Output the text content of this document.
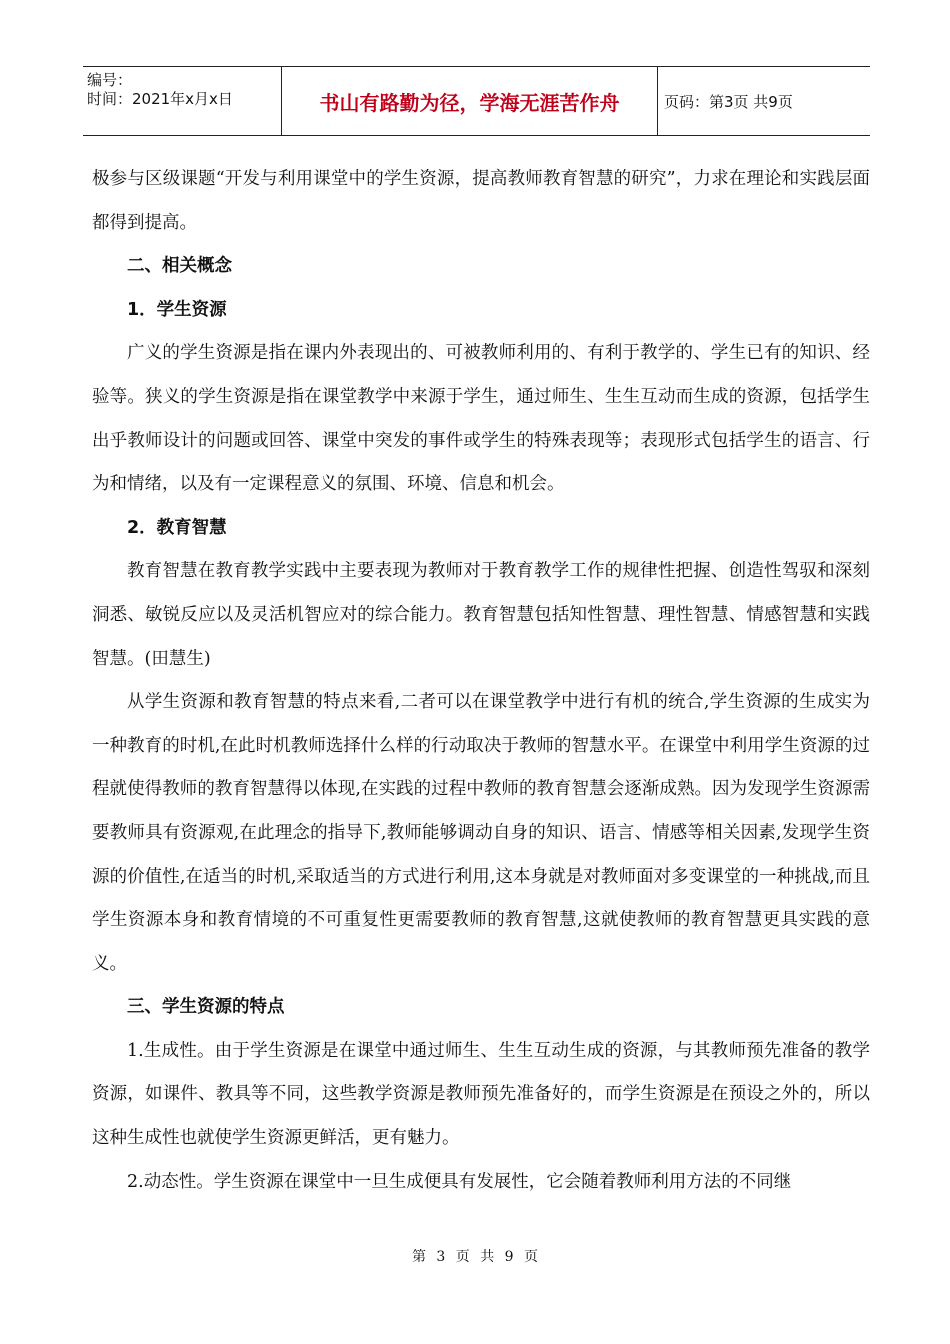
编号：
时间：2021年x月x日	书山有路勤为径，学海无涯苦作舟	页码：第3页 共9页

极参与区级课题“开发与利用课堂中的学生资源，提高教师教育智慧的研究”，力求在理论和实践层面都得到提高。

二、相关概念

1．学生资源

广义的学生资源是指在课内外表现出的、可被教师利用的、有利于教学的、学生已有的知识、经验等。狭义的学生资源是指在课堂教学中来源于学生，通过师生、生生互动而生成的资源，包括学生出乎教师设计的问题或回答、课堂中突发的事件或学生的特殊表现等；表现形式包括学生的语言、行为和情绪，以及有一定课程意义的氛围、环境、信息和机会。

2．教育智慧

教育智慧在教育教学实践中主要表现为教师对于教育教学工作的规律性把握、创造性驾驭和深刻洞悉、敏锐反应以及灵活机智应对的综合能力。教育智慧包括知性智慧、理性智慧、情感智慧和实践智慧。(田慧生)

从学生资源和教育智慧的特点来看,二者可以在课堂教学中进行有机的统合,学生资源的生成实为一种教育的时机,在此时机教师选择什么样的行动取决于教师的智慧水平。在课堂中利用学生资源的过程就使得教师的教育智慧得以体现,在实践的过程中教师的教育智慧会逐渐成熟。因为发现学生资源需要教师具有资源观,在此理念的指导下,教师能够调动自身的知识、语言、情感等相关因素,发现学生资源的价值性,在适当的时机,采取适当的方式进行利用,这本身就是对教师面对多变课堂的一种挑战,而且学生资源本身和教育情境的不可重复性更需要教师的教育智慧,这就使教师的教育智慧更具实践的意义。

三、学生资源的特点

1.生成性。由于学生资源是在课堂中通过师生、生生互动生成的资源，与其教师预先准备的教学资源，如课件、教具等不同，这些教学资源是教师预先准备好的，而学生资源是在预设之外的，所以这种生成性也就使学生资源更鲜活，更有魅力。

2.动态性。学生资源在课堂中一旦生成便具有发展性，它会随着教师利用方法的不同继

第 3 页 共 9 页
